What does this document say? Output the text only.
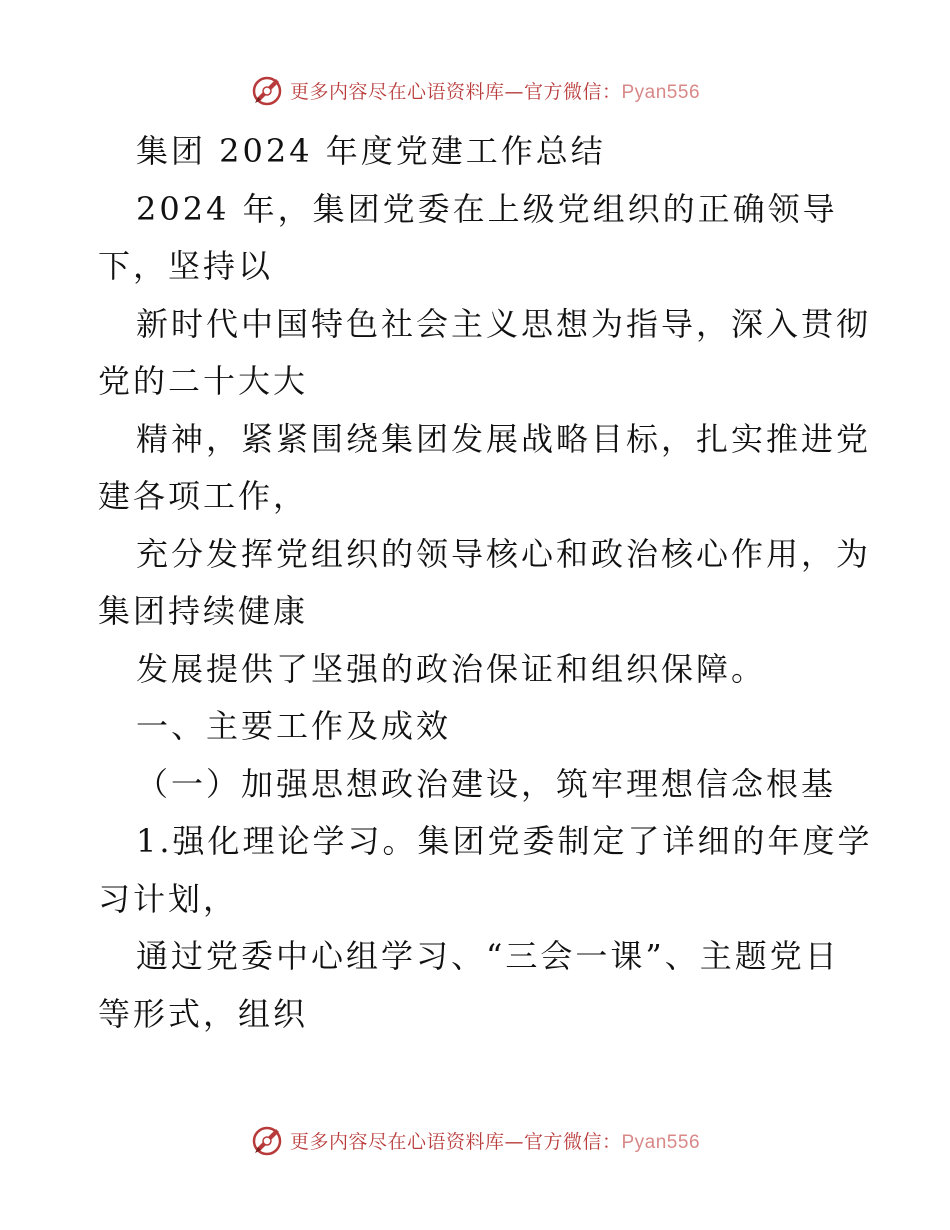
更多内容尽在心语资料库—官方微信：Pyan556
集团 2024 年度党建工作总结
2024 年，集团党委在上级党组织的正确领导
下，坚持以
新时代中国特色社会主义思想为指导，深入贯彻
党的二十大大
精神，紧紧围绕集团发展战略目标，扎实推进党
建各项工作，
充分发挥党组织的领导核心和政治核心作用，为
集团持续健康
发展提供了坚强的政治保证和组织保障。
一、主要工作及成效
（一）加强思想政治建设，筑牢理想信念根基
1.强化理论学习。集团党委制定了详细的年度学
习计划，
通过党委中心组学习、“三会一课”、主题党日
等形式，组织
更多内容尽在心语资料库—官方微信：Pyan556
